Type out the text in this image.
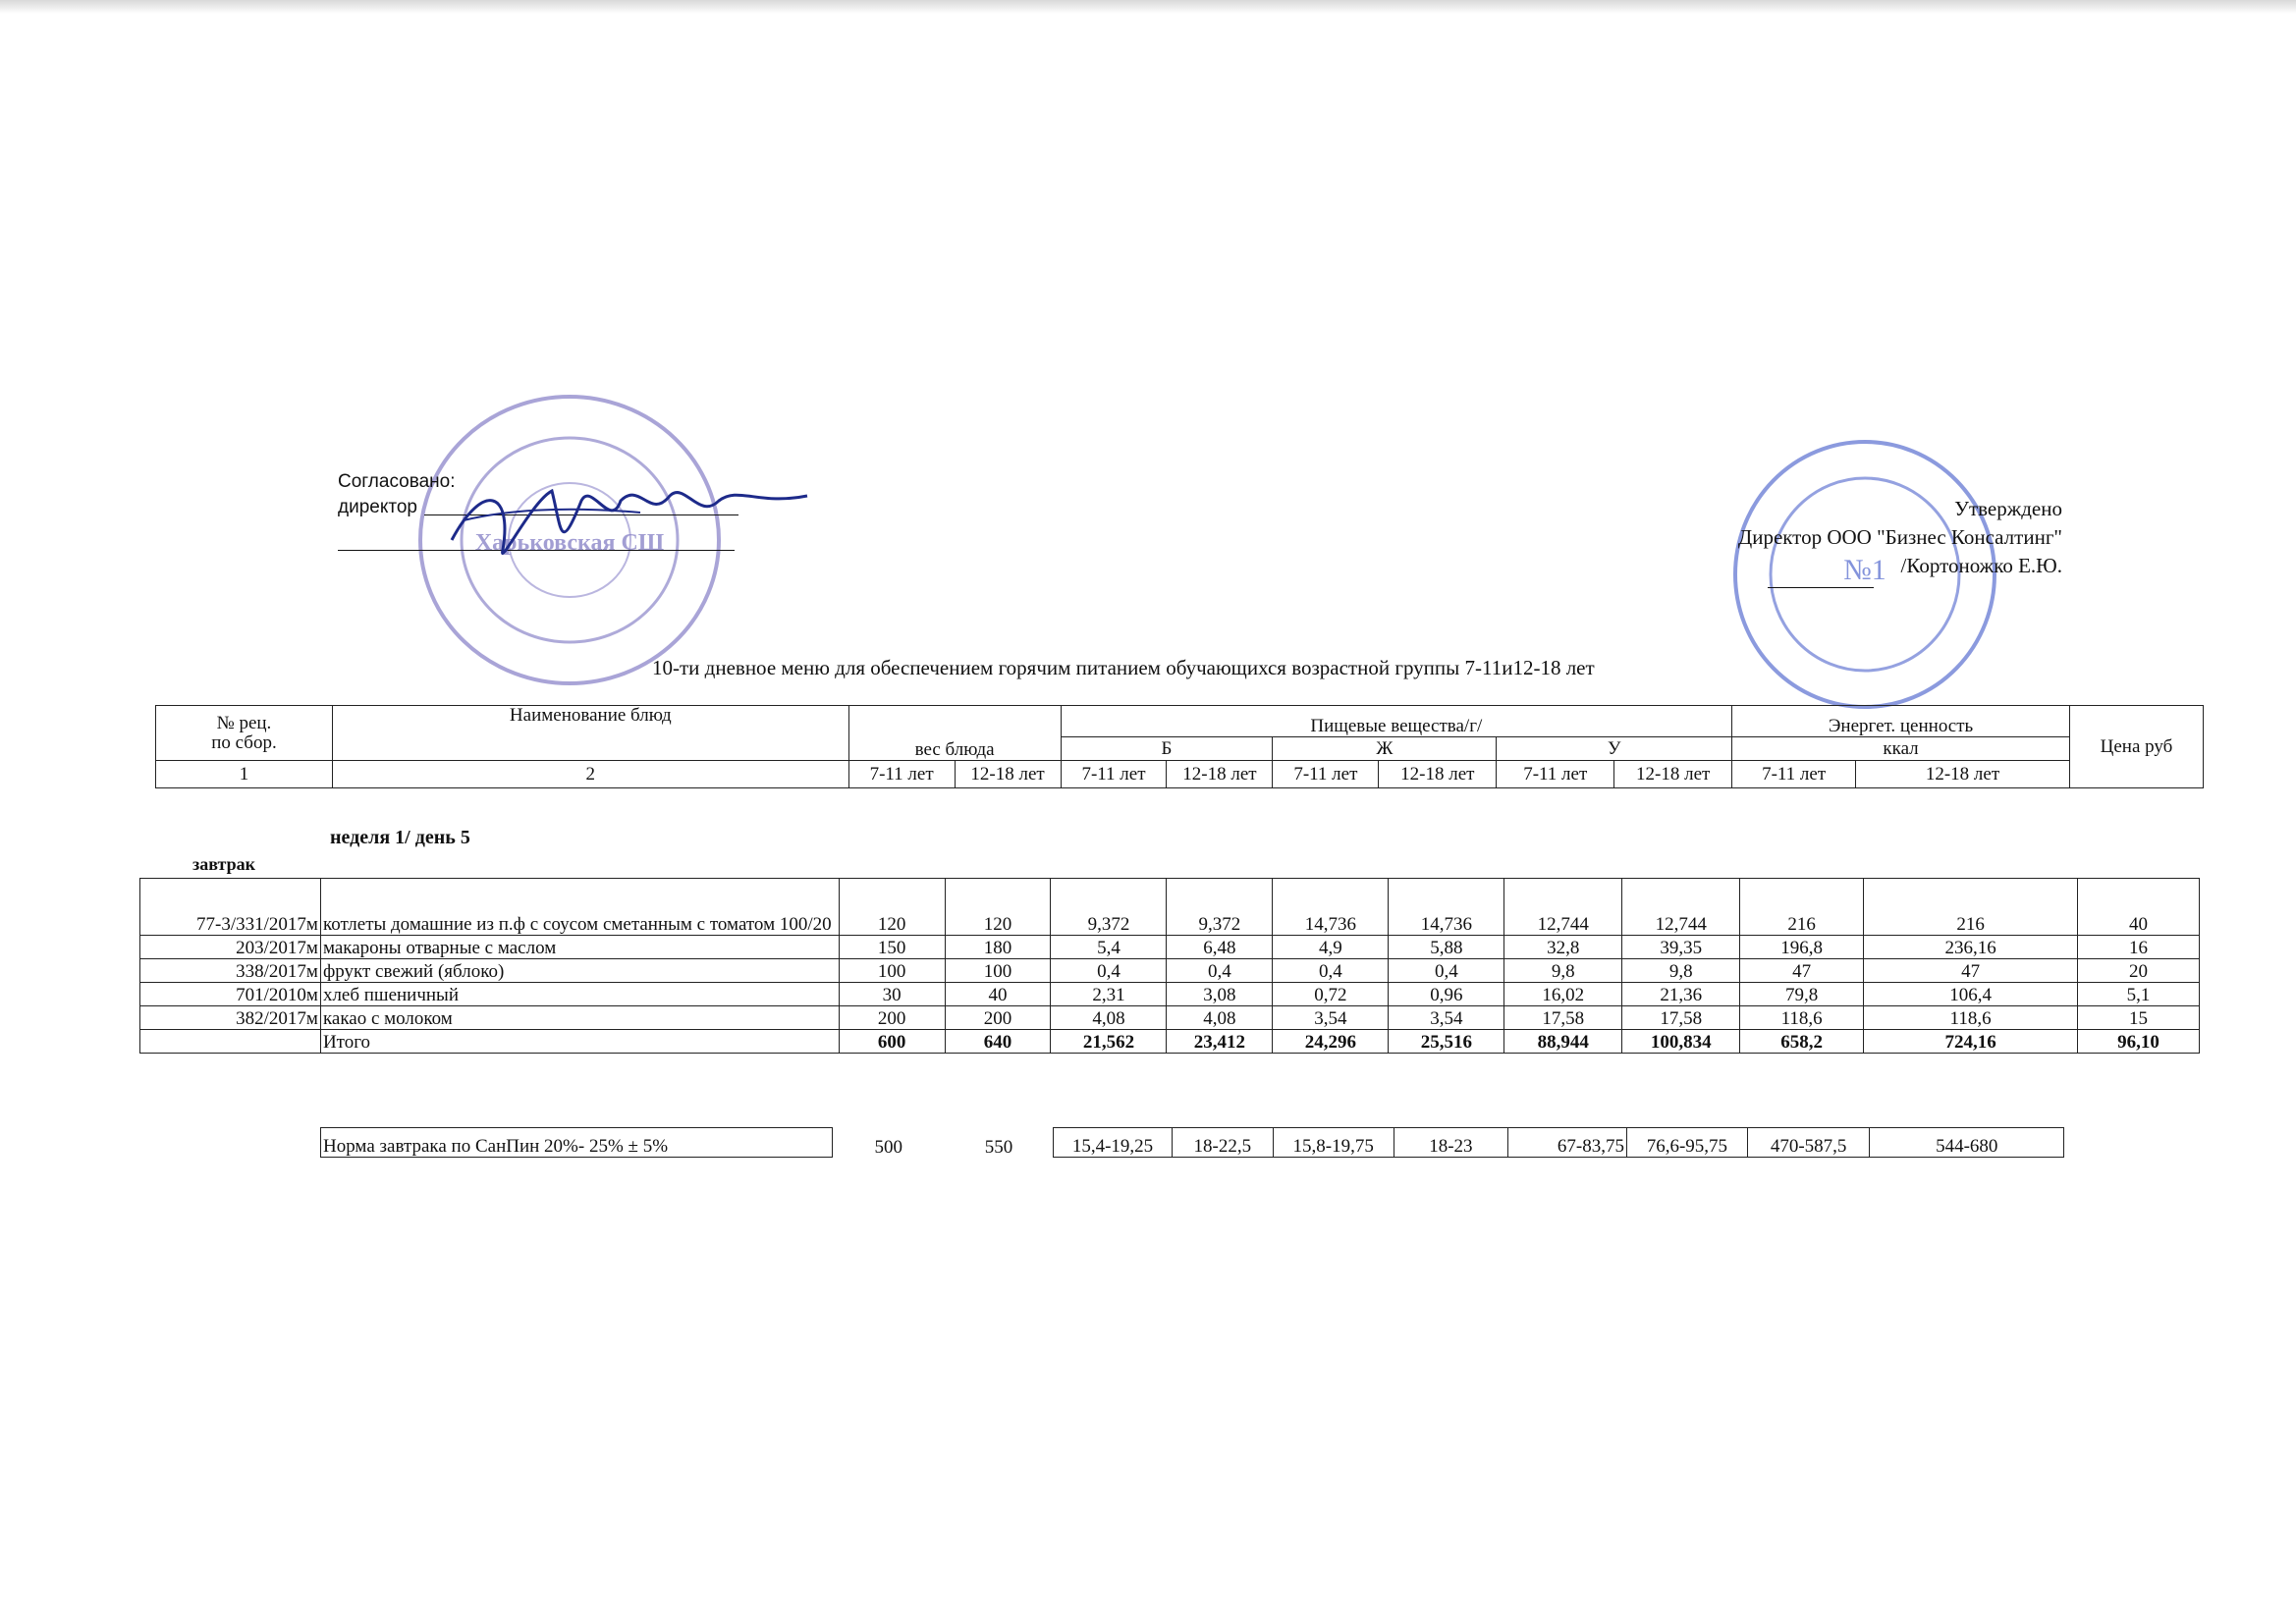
Харьковская СШ
№1
Согласовано:
директор	Утверждено
Директор ООО "Бизнес Консалтинг"
/Кортоножко Е.Ю.
10-ти дневное меню для обеспечением горячим питанием обучающихся возрастной группы 7-11и12-18 лет
№ рец.
по сбор.	Наименование блюд	вес блюда		Пищевые вещества/г/						Энергет. ценность		Цена руб
				Б		Ж		У		ккал		
1	2	7-11 лет	12-18 лет	7-11 лет	12-18 лет	7-11 лет	12-18 лет	7-11 лет	12-18 лет	7-11 лет	12-18 лет	
неделя 1/ день 5
завтрак
77-3/331/2017м	котлеты домашние из п.ф с соусом сметанным с томатом 100/20	120	120	9,372	9,372	14,736	14,736	12,744	12,744	216	216	40
203/2017м	макароны отварные с маслом	150	180	5,4	6,48	4,9	5,88	32,8	39,35	196,8	236,16	16
338/2017м	фрукт свежий (яблоко)	100	100	0,4	0,4	0,4	0,4	9,8	9,8	47	47	20
701/2010м	хлеб пшеничный	30	40	2,31	3,08	0,72	0,96	16,02	21,36	79,8	106,4	5,1
382/2017м	какао с молоком	200	200	4,08	4,08	3,54	3,54	17,58	17,58	118,6	118,6	15
	Итого	600	640	21,562	23,412	24,296	25,516	88,944	100,834	658,2	724,16	96,10
Норма завтрака по СанПин 20%- 25% ± 5%	500	550	15,4-19,25	18-22,5	15,8-19,75	18-23	67-83,75	76,6-95,75	470-587,5	544-680
